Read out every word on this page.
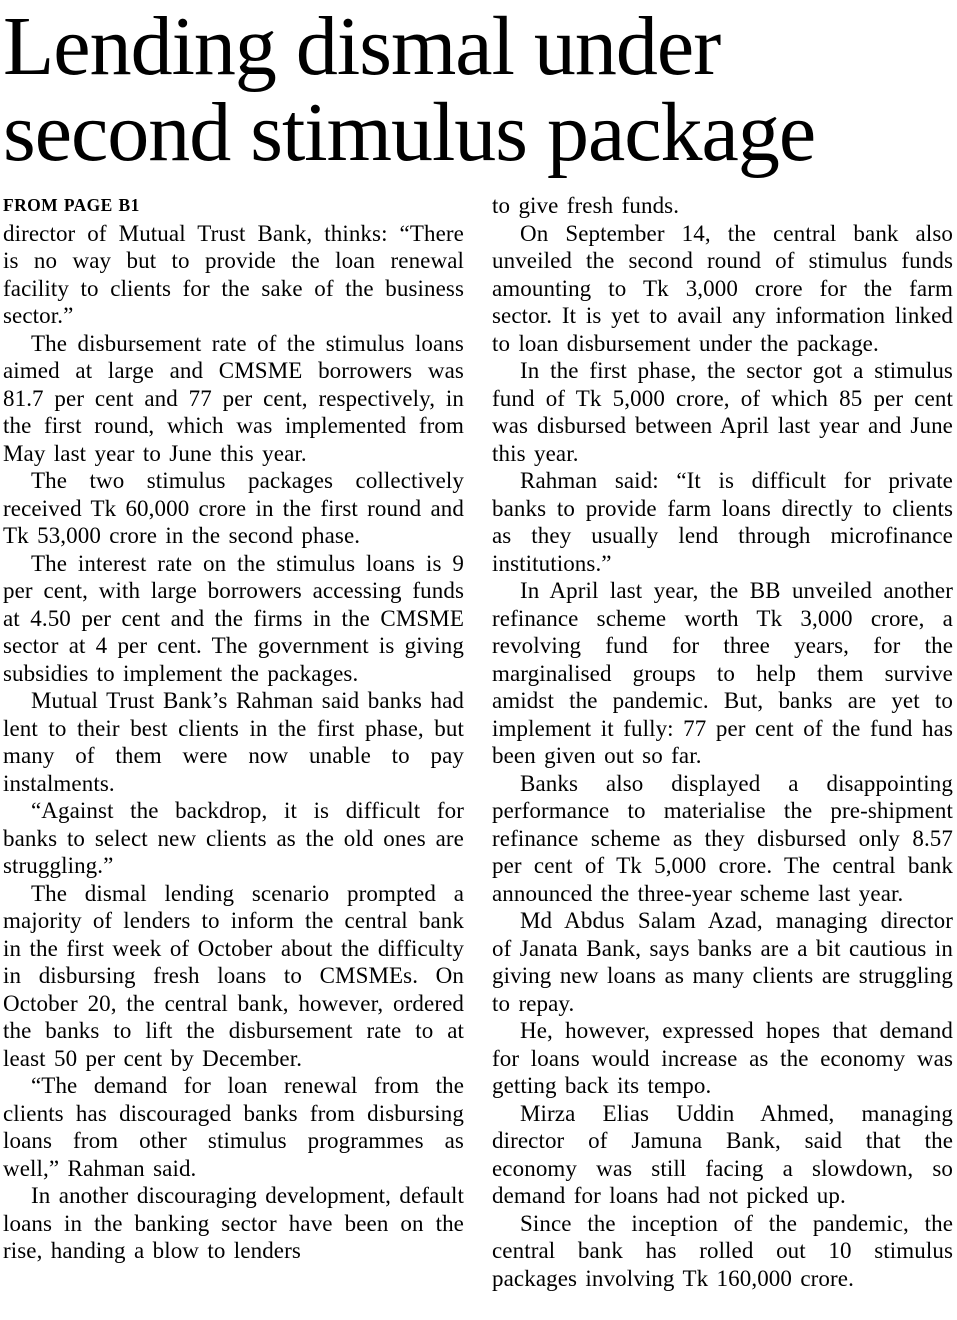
Lending dismal under
second stimulus package
FROM PAGE B1

director of Mutual Trust Bank, thinks: “There is no way but to provide the loan renewal facility to clients for the sake of the business sector.”

The disbursement rate of the stimulus loans aimed at large and CMSME borrowers was 81.7 per cent and 77 per cent, respectively, in the first round, which was implemented from May last year to June this year.

The two stimulus packages collectively received Tk 60,000 crore in the first round and Tk 53,000 crore in the second phase.

The interest rate on the stimulus loans is 9 per cent, with large borrowers accessing funds at 4.50 per cent and the firms in the CMSME sector at 4 per cent. The government is giving subsidies to implement the packages.

Mutual Trust Bank’s Rahman said banks had lent to their best clients in the first phase, but many of them were now unable to pay instalments.

“Against the backdrop, it is difficult for banks to select new clients as the old ones are struggling.”

The dismal lending scenario prompted a majority of lenders to inform the central bank in the first week of October about the difficulty in disbursing fresh loans to CMSMEs. On October 20, the central bank, however, ordered the banks to lift the disbursement rate to at least 50 per cent by December.

“The demand for loan renewal from the clients has discouraged banks from disbursing loans from other stimulus programmes as well,” Rahman said.

In another discouraging development, default loans in the banking sector have been on the rise, handing a blow to lenders

to give fresh funds.

On September 14, the central bank also unveiled the second round of stimulus funds amounting to Tk 3,000 crore for the farm sector. It is yet to avail any information linked to loan disbursement under the package.

In the first phase, the sector got a stimulus fund of Tk 5,000 crore, of which 85 per cent was disbursed between April last year and June this year.

Rahman said: “It is difficult for private banks to provide farm loans directly to clients as they usually lend through microfinance institutions.”

In April last year, the BB unveiled another refinance scheme worth Tk 3,000 crore, a revolving fund for three years, for the marginalised groups to help them survive amidst the pandemic. But, banks are yet to implement it fully: 77 per cent of the fund has been given out so far.

Banks also displayed a disappointing performance to materialise the pre-shipment refinance scheme as they disbursed only 8.57 per cent of Tk 5,000 crore. The central bank announced the three-year scheme last year.

Md Abdus Salam Azad, managing director of Janata Bank, says banks are a bit cautious in giving new loans as many clients are struggling to repay.

He, however, expressed hopes that demand for loans would increase as the economy was getting back its tempo.

Mirza Elias Uddin Ahmed, managing director of Jamuna Bank, said that the economy was still facing a slowdown, so demand for loans had not picked up.

Since the inception of the pandemic, the central bank has rolled out 10 stimulus packages involving Tk 160,000 crore.
